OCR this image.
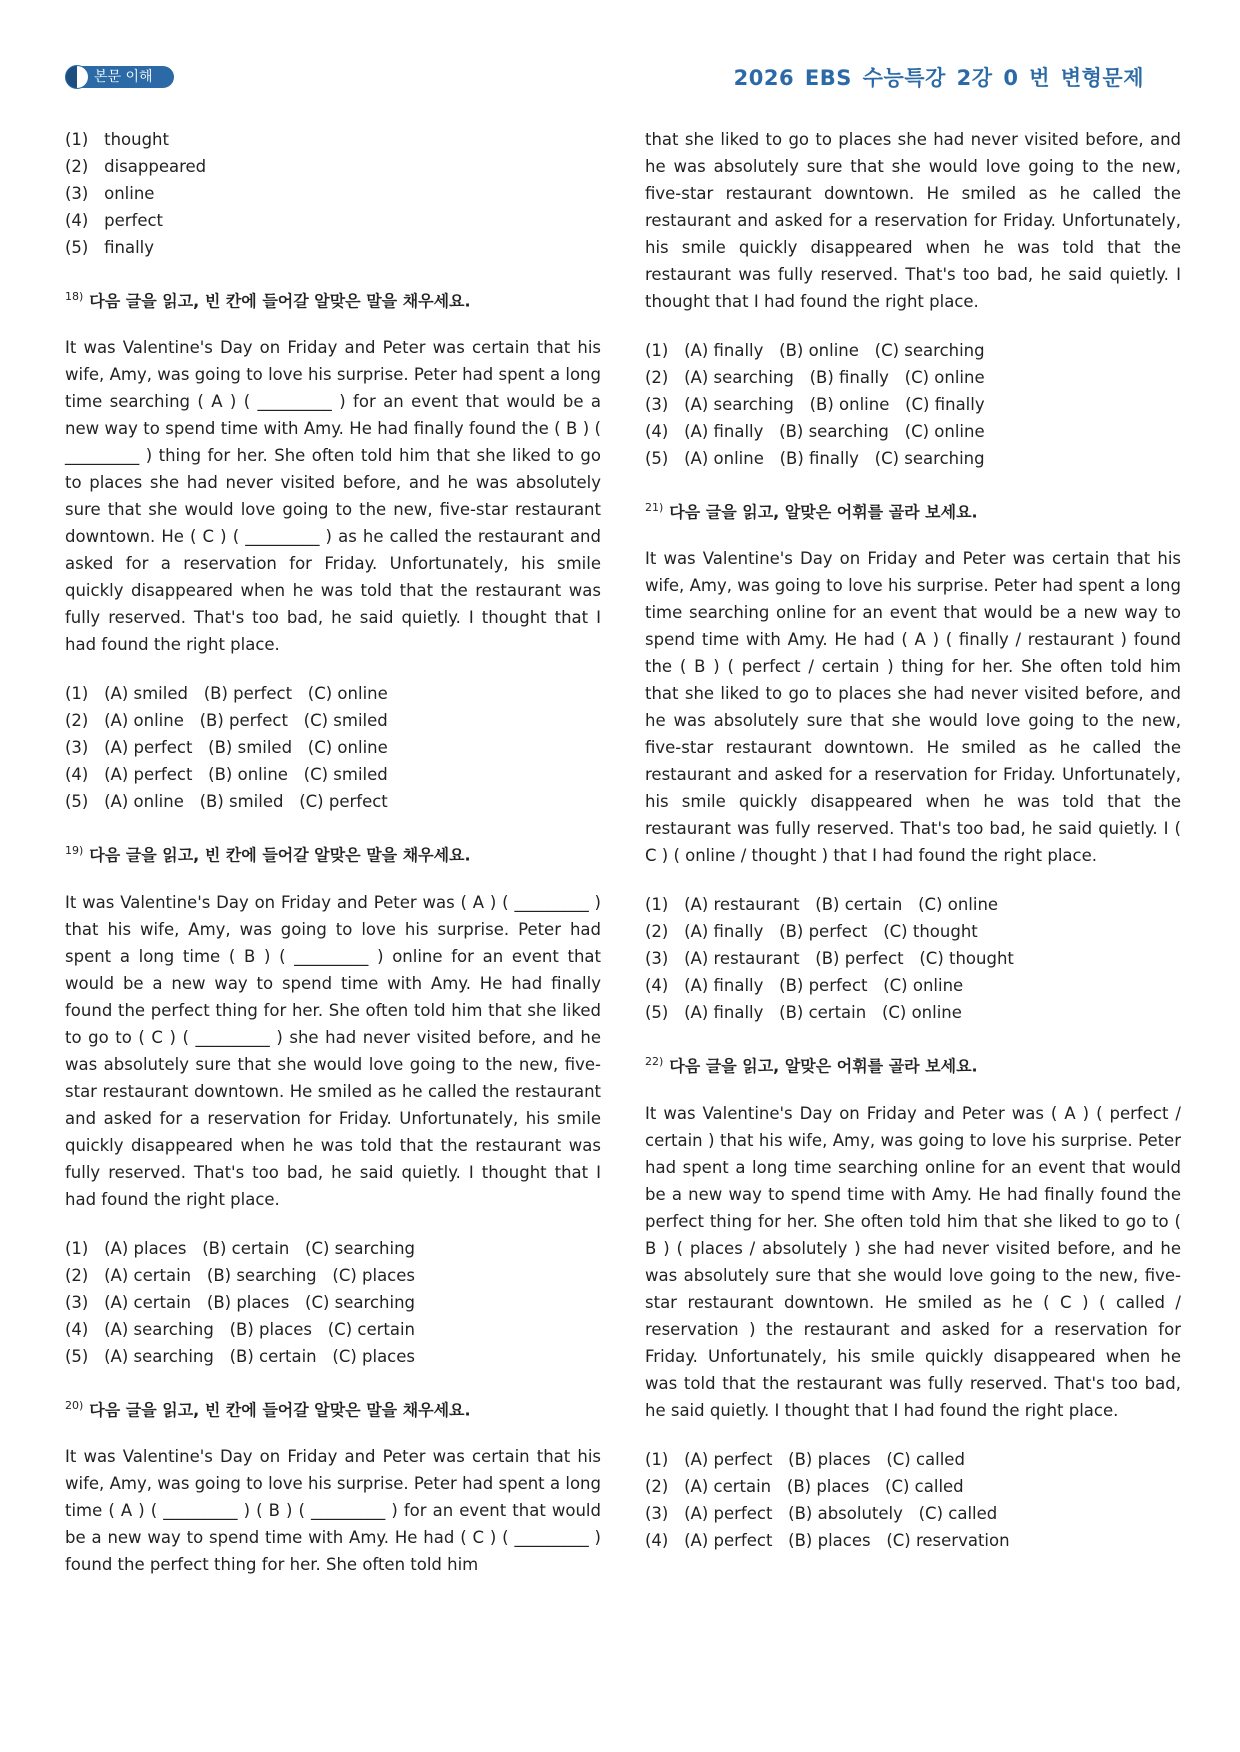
본문 이해	2026 EBS 수능특강 2강 0 번 변형문제

(1)   thought

(2)   disappeared

(3)   online

(4)   perfect

(5)   finally

$^{18)}$ 다음 글을 읽고, 빈 칸에 들어갈 알맞은 말을 채우세요.

It was Valentine's Day on Friday and Peter was certain that his wife, Amy, was going to love his surprise. Peter had spent a long time searching ( A ) ( _________ ) for an event that would be a new way to spend time with Amy. He had finally found the ( B ) ( _________ ) thing for her. She often told him that she liked to go to places she had never visited before, and he was absolutely sure that she would love going to the new, five-star restaurant downtown. He ( C ) ( _________ ) as he called the restaurant and asked for a reservation for Friday. Unfortunately, his smile quickly disappeared when he was told that the restaurant was fully reserved. That's too bad, he said quietly. I thought that I had found the right place.

(1)   (A) smiled   (B) perfect   (C) online

(2)   (A) online   (B) perfect   (C) smiled

(3)   (A) perfect   (B) smiled   (C) online

(4)   (A) perfect   (B) online   (C) smiled

(5)   (A) online   (B) smiled   (C) perfect

$^{19)}$ 다음 글을 읽고, 빈 칸에 들어갈 알맞은 말을 채우세요.

It was Valentine's Day on Friday and Peter was ( A ) ( _________ ) that his wife, Amy, was going to love his surprise. Peter had spent a long time ( B ) ( _________ ) online for an event that would be a new way to spend time with Amy. He had finally found the perfect thing for her. She often told him that she liked to go to ( C ) ( _________ ) she had never visited before, and he was absolutely sure that she would love going to the new, five-star restaurant downtown. He smiled as he called the restaurant and asked for a reservation for Friday. Unfortunately, his smile quickly disappeared when he was told that the restaurant was fully reserved. That's too bad, he said quietly. I thought that I had found the right place.

(1)   (A) places   (B) certain   (C) searching

(2)   (A) certain   (B) searching   (C) places

(3)   (A) certain   (B) places   (C) searching

(4)   (A) searching   (B) places   (C) certain

(5)   (A) searching   (B) certain   (C) places

$^{20)}$ 다음 글을 읽고, 빈 칸에 들어갈 알맞은 말을 채우세요.

It was Valentine's Day on Friday and Peter was certain that his wife, Amy, was going to love his surprise. Peter had spent a long time ( A ) ( _________ ) ( B ) ( _________ ) for an event that would be a new way to spend time with Amy. He had ( C ) ( _________ ) found the perfect thing for her. She often told him

that she liked to go to places she had never visited before, and he was absolutely sure that she would love going to the new, five-star restaurant downtown. He smiled as he called the restaurant and asked for a reservation for Friday. Unfortunately, his smile quickly disappeared when he was told that the restaurant was fully reserved. That's too bad, he said quietly. I thought that I had found the right place.

(1)   (A) finally   (B) online   (C) searching

(2)   (A) searching   (B) finally   (C) online

(3)   (A) searching   (B) online   (C) finally

(4)   (A) finally   (B) searching   (C) online

(5)   (A) online   (B) finally   (C) searching

$^{21)}$ 다음 글을 읽고, 알맞은 어휘를 골라 보세요.

It was Valentine's Day on Friday and Peter was certain that his wife, Amy, was going to love his surprise. Peter had spent a long time searching online for an event that would be a new way to spend time with Amy. He had ( A ) ( finally / restaurant ) found the ( B ) ( perfect / certain ) thing for her. She often told him that she liked to go to places she had never visited before, and he was absolutely sure that she would love going to the new, five-star restaurant downtown. He smiled as he called the restaurant and asked for a reservation for Friday. Unfortunately, his smile quickly disappeared when he was told that the restaurant was fully reserved. That's too bad, he said quietly. I ( C ) ( online / thought ) that I had found the right place.

(1)   (A) restaurant   (B) certain   (C) online

(2)   (A) finally   (B) perfect   (C) thought

(3)   (A) restaurant   (B) perfect   (C) thought

(4)   (A) finally   (B) perfect   (C) online

(5)   (A) finally   (B) certain   (C) online

$^{22)}$ 다음 글을 읽고, 알맞은 어휘를 골라 보세요.

It was Valentine's Day on Friday and Peter was ( A ) ( perfect / certain ) that his wife, Amy, was going to love his surprise. Peter had spent a long time searching online for an event that would be a new way to spend time with Amy. He had finally found the perfect thing for her. She often told him that she liked to go to ( B ) ( places / absolutely ) she had never visited before, and he was absolutely sure that she would love going to the new, five-star restaurant downtown. He smiled as he ( C ) ( called / reservation ) the restaurant and asked for a reservation for Friday. Unfortunately, his smile quickly disappeared when he was told that the restaurant was fully reserved. That's too bad, he said quietly. I thought that I had found the right place.

(1)   (A) perfect   (B) places   (C) called

(2)   (A) certain   (B) places   (C) called

(3)   (A) perfect   (B) absolutely   (C) called

(4)   (A) perfect   (B) places   (C) reservation
